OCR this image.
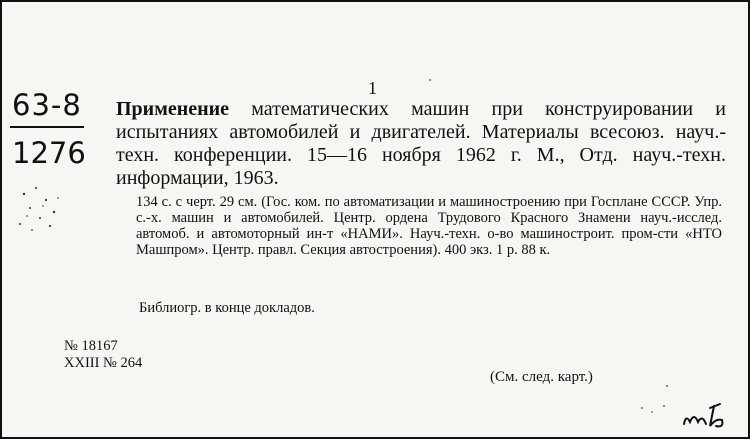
63-8
1276
1
Применение математических машин при конструировании и испытаниях автомобилей и двигателей. Материалы всесоюз. науч.-техн. конференции. 15—16 ноября 1962 г. М., Отд. науч.-техн. информации, 1963.
134 с. с черт. 29 см. (Гос. ком. по автоматизации и машиностроению при Госплане СССР. Упр. с.-х. машин и автомобилей. Центр. ордена Трудового Красного Знамени науч.-исслед. автомоб. и автомоторный ин-т «НАМИ». Науч.-техн. о-во машиностроит. пром-сти «НТО Машпром». Центр. правл. Секция автостроения). 400 экз. 1 р. 88 к.
Библиогр. в конце докладов.
№ 18167
XXIII № 264
(См. след. карт.)
